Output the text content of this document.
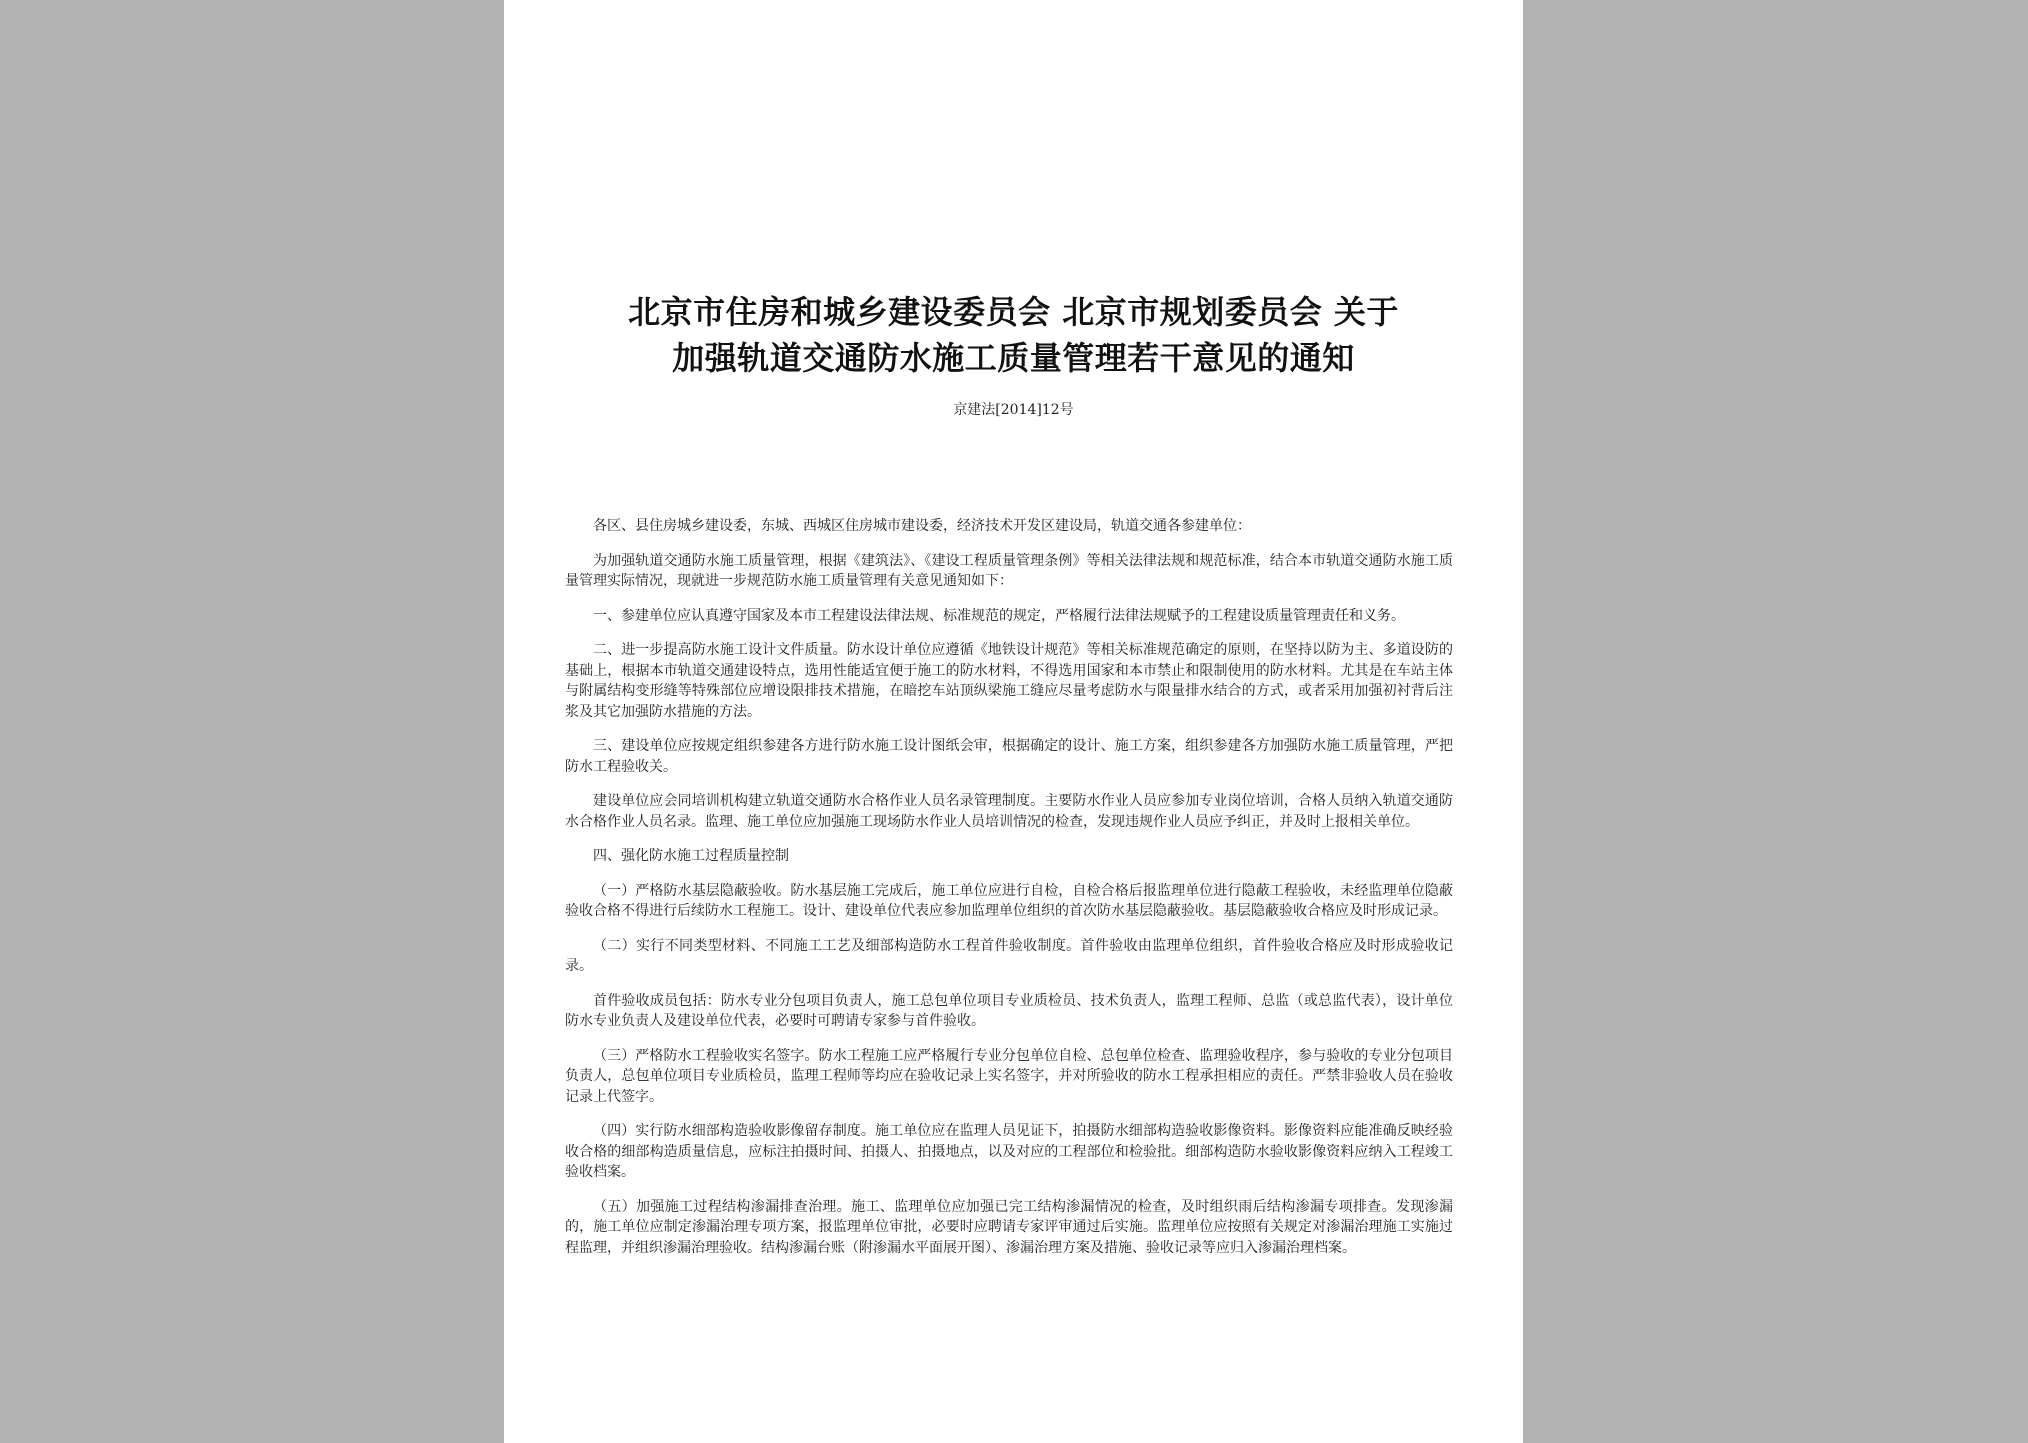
北京市住房和城乡建设委员会 北京市规划委员会 关于
加强轨道交通防水施工质量管理若干意见的通知
京建法[2014]12号

各区、县住房城乡建设委，东城、西城区住房城市建设委，经济技术开发区建设局，轨道交通各参建单位：

为加强轨道交通防水施工质量管理，根据《建筑法》、《建设工程质量管理条例》等相关法律法规和规范标准，结合本市轨道交通防水施工质量管理实际情况，现就进一步规范防水施工质量管理有关意见通知如下：

一、参建单位应认真遵守国家及本市工程建设法律法规、标准规范的规定，严格履行法律法规赋予的工程建设质量管理责任和义务。

二、进一步提高防水施工设计文件质量。防水设计单位应遵循《地铁设计规范》等相关标准规范确定的原则，在坚持以防为主、多道设防的基础上，根据本市轨道交通建设特点，选用性能适宜便于施工的防水材料，不得选用国家和本市禁止和限制使用的防水材料。尤其是在车站主体与附属结构变形缝等特殊部位应增设限排技术措施，在暗挖车站顶纵梁施工缝应尽量考虑防水与限量排水结合的方式，或者采用加强初衬背后注浆及其它加强防水措施的方法。

三、建设单位应按规定组织参建各方进行防水施工设计图纸会审，根据确定的设计、施工方案，组织参建各方加强防水施工质量管理，严把防水工程验收关。

建设单位应会同培训机构建立轨道交通防水合格作业人员名录管理制度。主要防水作业人员应参加专业岗位培训，合格人员纳入轨道交通防水合格作业人员名录。监理、施工单位应加强施工现场防水作业人员培训情况的检查，发现违规作业人员应予纠正，并及时上报相关单位。

四、强化防水施工过程质量控制

（一）严格防水基层隐蔽验收。防水基层施工完成后，施工单位应进行自检，自检合格后报监理单位进行隐蔽工程验收，未经监理单位隐蔽验收合格不得进行后续防水工程施工。设计、建设单位代表应参加监理单位组织的首次防水基层隐蔽验收。基层隐蔽验收合格应及时形成记录。

（二）实行不同类型材料、不同施工工艺及细部构造防水工程首件验收制度。首件验收由监理单位组织，首件验收合格应及时形成验收记录。

首件验收成员包括：防水专业分包项目负责人，施工总包单位项目专业质检员、技术负责人，监理工程师、总监（或总监代表），设计单位防水专业负责人及建设单位代表，必要时可聘请专家参与首件验收。

（三）严格防水工程验收实名签字。防水工程施工应严格履行专业分包单位自检、总包单位检查、监理验收程序，参与验收的专业分包项目负责人，总包单位项目专业质检员，监理工程师等均应在验收记录上实名签字，并对所验收的防水工程承担相应的责任。严禁非验收人员在验收记录上代签字。

（四）实行防水细部构造验收影像留存制度。施工单位应在监理人员见证下，拍摄防水细部构造验收影像资料。影像资料应能准确反映经验收合格的细部构造质量信息，应标注拍摄时间、拍摄人、拍摄地点，以及对应的工程部位和检验批。细部构造防水验收影像资料应纳入工程竣工验收档案。

（五）加强施工过程结构渗漏排查治理。施工、监理单位应加强已完工结构渗漏情况的检查，及时组织雨后结构渗漏专项排查。发现渗漏的，施工单位应制定渗漏治理专项方案，报监理单位审批，必要时应聘请专家评审通过后实施。监理单位应按照有关规定对渗漏治理施工实施过程监理，并组织渗漏治理验收。结构渗漏台账（附渗漏水平面展开图）、渗漏治理方案及措施、验收记录等应归入渗漏治理档案。
